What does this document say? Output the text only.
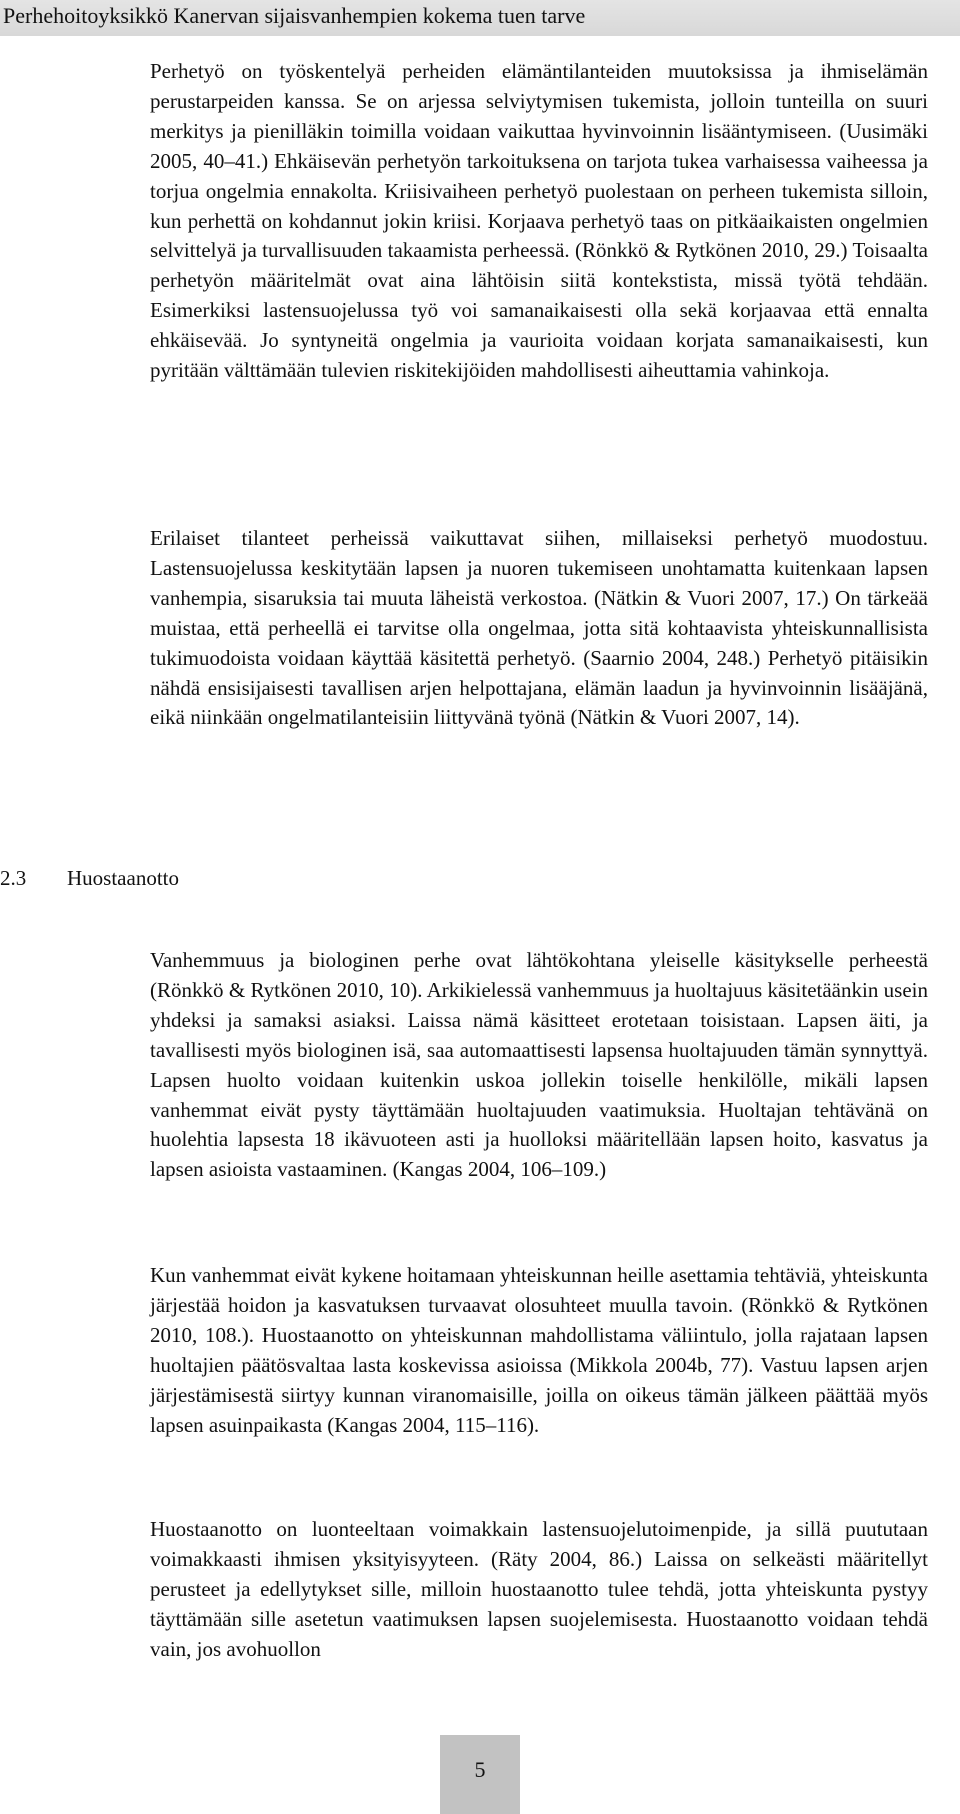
Perhehoitoyksikkö Kanervan sijaisvanhempien kokema tuen tarve

Perhetyö on työskentelyä perheiden elämäntilanteiden muutoksissa ja ihmiselämän perustarpeiden kanssa. Se on arjessa selviytymisen tukemista, jolloin tunteilla on suuri merkitys ja pienilläkin toimilla voidaan vaikuttaa hyvinvoinnin lisääntymiseen. (Uusimäki 2005, 40–41.) Ehkäisevän perhetyön tarkoituksena on tarjota tukea varhaisessa vaiheessa ja torjua ongelmia ennakolta. Kriisivaiheen perhetyö puolestaan on perheen tukemista silloin, kun perhettä on kohdannut jokin kriisi. Korjaava perhetyö taas on pitkäaikaisten ongelmien selvittelyä ja turvallisuuden takaamista perheessä. (Rönkkö & Rytkönen 2010, 29.) Toisaalta perhetyön määritelmät ovat aina lähtöisin siitä kontekstista, missä työtä tehdään. Esimerkiksi lastensuojelussa työ voi samanaikaisesti olla sekä korjaavaa että ennalta ehkäisevää. Jo syntyneitä ongelmia ja vaurioita voidaan korjata samanaikaisesti, kun pyritään välttämään tulevien riskitekijöiden mahdollisesti aiheuttamia vahinkoja.

Erilaiset tilanteet perheissä vaikuttavat siihen, millaiseksi perhetyö muodostuu. Lastensuojelussa keskitytään lapsen ja nuoren tukemiseen unohtamatta kuitenkaan lapsen vanhempia, sisaruksia tai muuta läheistä verkostoa. (Nätkin & Vuori 2007, 17.) On tärkeää muistaa, että perheellä ei tarvitse olla ongelmaa, jotta sitä kohtaavista yhteiskunnallisista tukimuodoista voidaan käyttää käsitettä perhetyö. (Saarnio 2004, 248.) Perhetyö pitäisikin nähdä ensisijaisesti tavallisen arjen helpottajana, elämän laadun ja hyvinvoinnin lisääjänä, eikä niinkään ongelmatilanteisiin liittyvänä työnä (Nätkin & Vuori 2007, 14).

2.3 Huostaanotto

Vanhemmuus ja biologinen perhe ovat lähtökohtana yleiselle käsitykselle perheestä (Rönkkö & Rytkönen 2010, 10). Arkikielessä vanhemmuus ja huoltajuus käsitetäänkin usein yhdeksi ja samaksi asiaksi. Laissa nämä käsitteet erotetaan toisistaan. Lapsen äiti, ja tavallisesti myös biologinen isä, saa automaattisesti lapsensa huoltajuuden tämän synnyttyä. Lapsen huolto voidaan kuitenkin uskoa jollekin toiselle henkilölle, mikäli lapsen vanhemmat eivät pysty täyttämään huoltajuuden vaatimuksia. Huoltajan tehtävänä on huolehtia lapsesta 18 ikävuoteen asti ja huolloksi määritellään lapsen hoito, kasvatus ja lapsen asioista vastaaminen. (Kangas 2004, 106–109.)

Kun vanhemmat eivät kykene hoitamaan yhteiskunnan heille asettamia tehtäviä, yhteiskunta järjestää hoidon ja kasvatuksen turvaavat olosuhteet muulla tavoin. (Rönkkö & Rytkönen 2010, 108.). Huostaanotto on yhteiskunnan mahdollistama väliintulo, jolla rajataan lapsen huoltajien päätösvaltaa lasta koskevissa asioissa (Mikkola 2004b, 77). Vastuu lapsen arjen järjestämisestä siirtyy kunnan viranomaisille, joilla on oikeus tämän jälkeen päättää myös lapsen asuinpaikasta (Kangas 2004, 115–116).

Huostaanotto on luonteeltaan voimakkain lastensuojelutoimenpide, ja sillä puututaan voimakkaasti ihmisen yksityisyyteen. (Räty 2004, 86.) Laissa on selkeästi määritellyt perusteet ja edellytykset sille, milloin huostaanotto tulee tehdä, jotta yhteiskunta pystyy täyttämään sille asetetun vaatimuksen lapsen suojelemisesta. Huostaanotto voidaan tehdä vain, jos avohuollon

5
